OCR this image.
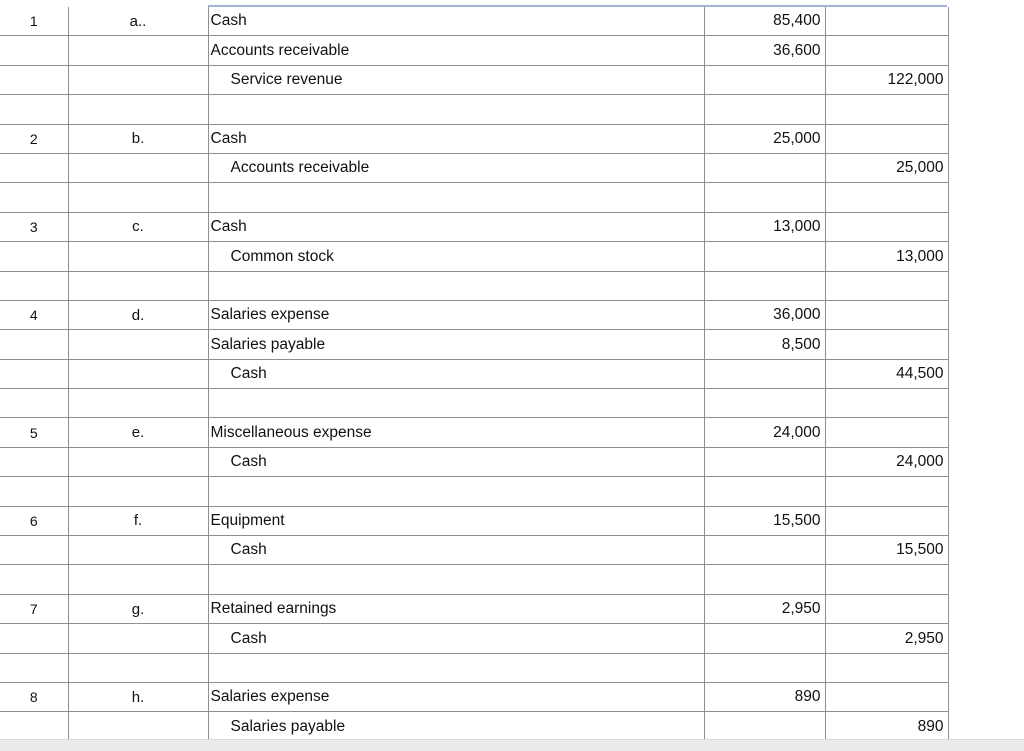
1	a..	Cash	85,400	
		Accounts receivable	36,600	
		Service revenue		122,000

2	b.	Cash	25,000	
		Accounts receivable		25,000

3	c.	Cash	13,000	
		Common stock		13,000

4	d.	Salaries expense	36,000	
		Salaries payable	8,500	
		Cash		44,500

5	e.	Miscellaneous expense	24,000	
		Cash		24,000

6	f.	Equipment	15,500	
		Cash		15,500

7	g.	Retained earnings	2,950	
		Cash		2,950

8	h.	Salaries expense	890	
		Salaries payable		890
